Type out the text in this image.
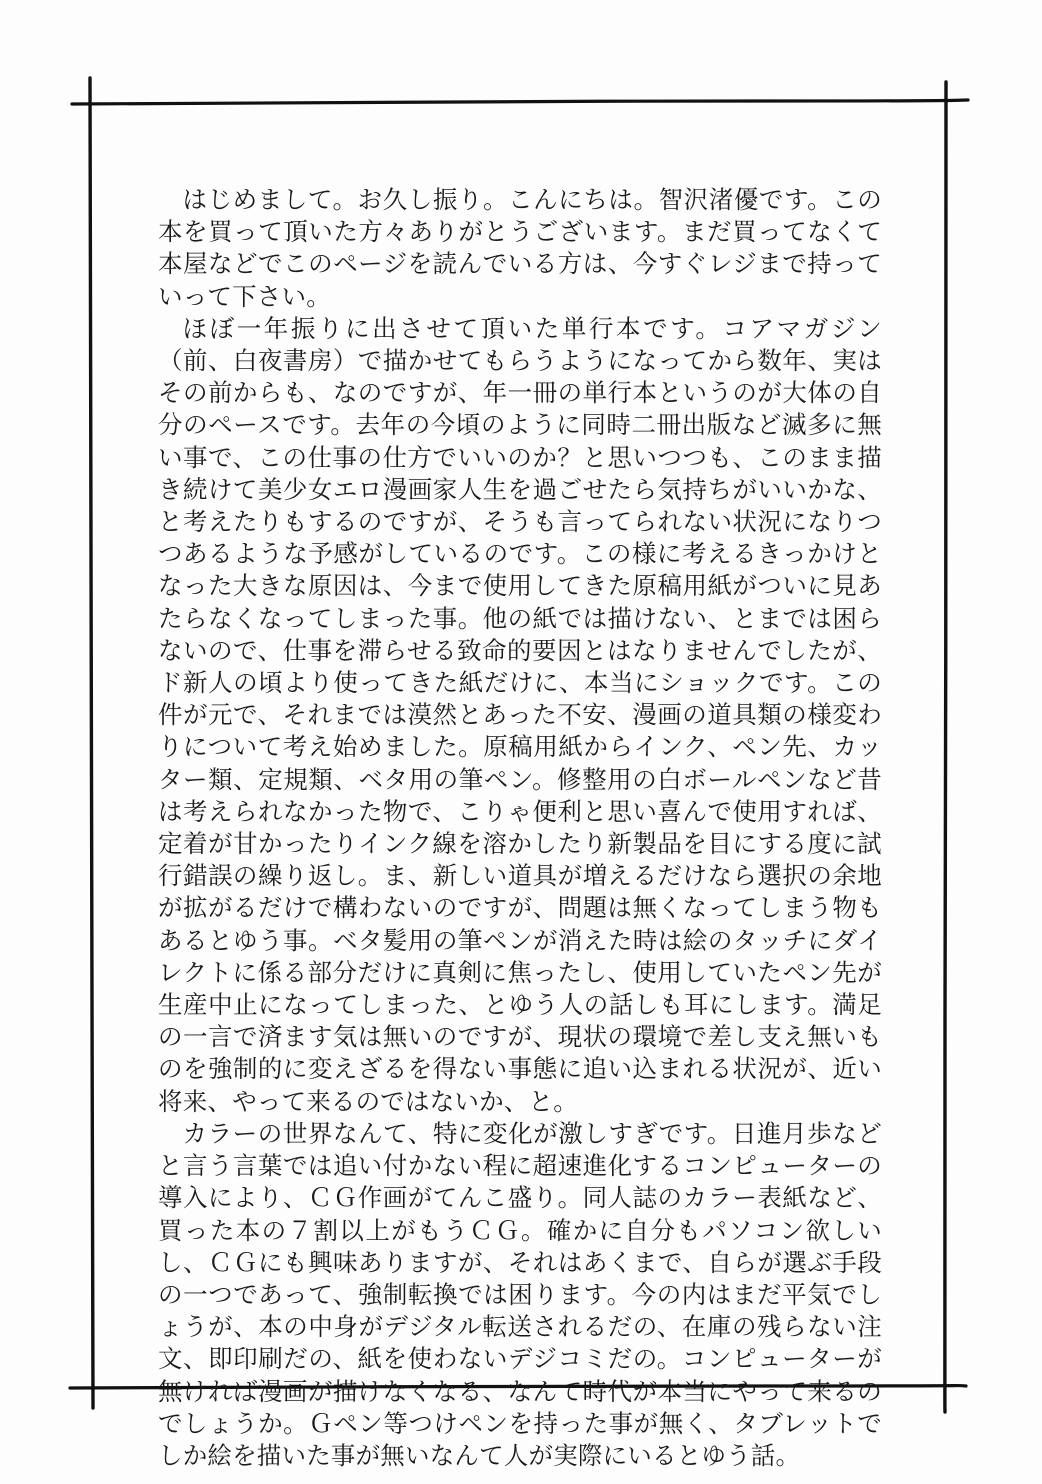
はじめまして。お久し振り。こんにちは。智沢渚優です。この本を買って頂いた方々ありがとうございます。まだ買ってなくて本屋などでこのページを読んでいる方は、今すぐレジまで持っていって下さい。

ほぼ一年振りに出させて頂いた単行本です。コアマガジン（前、白夜書房）で描かせてもらうようになってから数年、実はその前からも、なのですが、年一冊の単行本というのが大体の自分のペースです。去年の今頃のように同時二冊出版など滅多に無い事で、この仕事の仕方でいいのか？と思いつつも、このまま描き続けて美少女エロ漫画家人生を過ごせたら気持ちがいいかな、と考えたりもするのですが、そうも言ってられない状況になりつつあるような予感がしているのです。この様に考えるきっかけとなった大きな原因は、今まで使用してきた原稿用紙がついに見あたらなくなってしまった事。他の紙では描けない、とまでは困らないので、仕事を滞らせる致命的要因とはなりませんでしたが、ド新人の頃より使ってきた紙だけに、本当にショックです。この件が元で、それまでは漠然とあった不安、漫画の道具類の様変わりについて考え始めました。原稿用紙からインク、ペン先、カッター類、定規類、ベタ用の筆ペン。修整用の白ボールペンなど昔は考えられなかった物で、こりゃ便利と思い喜んで使用すれば、定着が甘かったりインク線を溶かしたり新製品を目にする度に試行錯誤の繰り返し。ま、新しい道具が増えるだけなら選択の余地が拡がるだけで構わないのですが、問題は無くなってしまう物もあるとゆう事。ベタ髪用の筆ペンが消えた時は絵のタッチにダイレクトに係る部分だけに真剣に焦ったし、使用していたペン先が生産中止になってしまった、とゆう人の話しも耳にします。満足の一言で済ます気は無いのですが、現状の環境で差し支え無いものを強制的に変えざるを得ない事態に追い込まれる状況が、近い将来、やって来るのではないか、と。

カラーの世界なんて、特に変化が激しすぎです。日進月歩などと言う言葉では追い付かない程に超速進化するコンピューターの導入により、ＣＧ作画がてんこ盛り。同人誌のカラー表紙など、買った本の７割以上がもうＣＧ。確かに自分もパソコン欲しいし、ＣＧにも興味ありますが、それはあくまで、自らが選ぶ手段の一つであって、強制転換では困ります。今の内はまだ平気でしょうが、本の中身がデジタル転送されるだの、在庫の残らない注文、即印刷だの、紙を使わないデジコミだの。コンピューターが無ければ漫画が描けなくなる、なんて時代が本当にやって来るのでしょうか。Ｇペン等つけペンを持った事が無く、タブレットでしか絵を描いた事が無いなんて人が実際にいるとゆう話。
